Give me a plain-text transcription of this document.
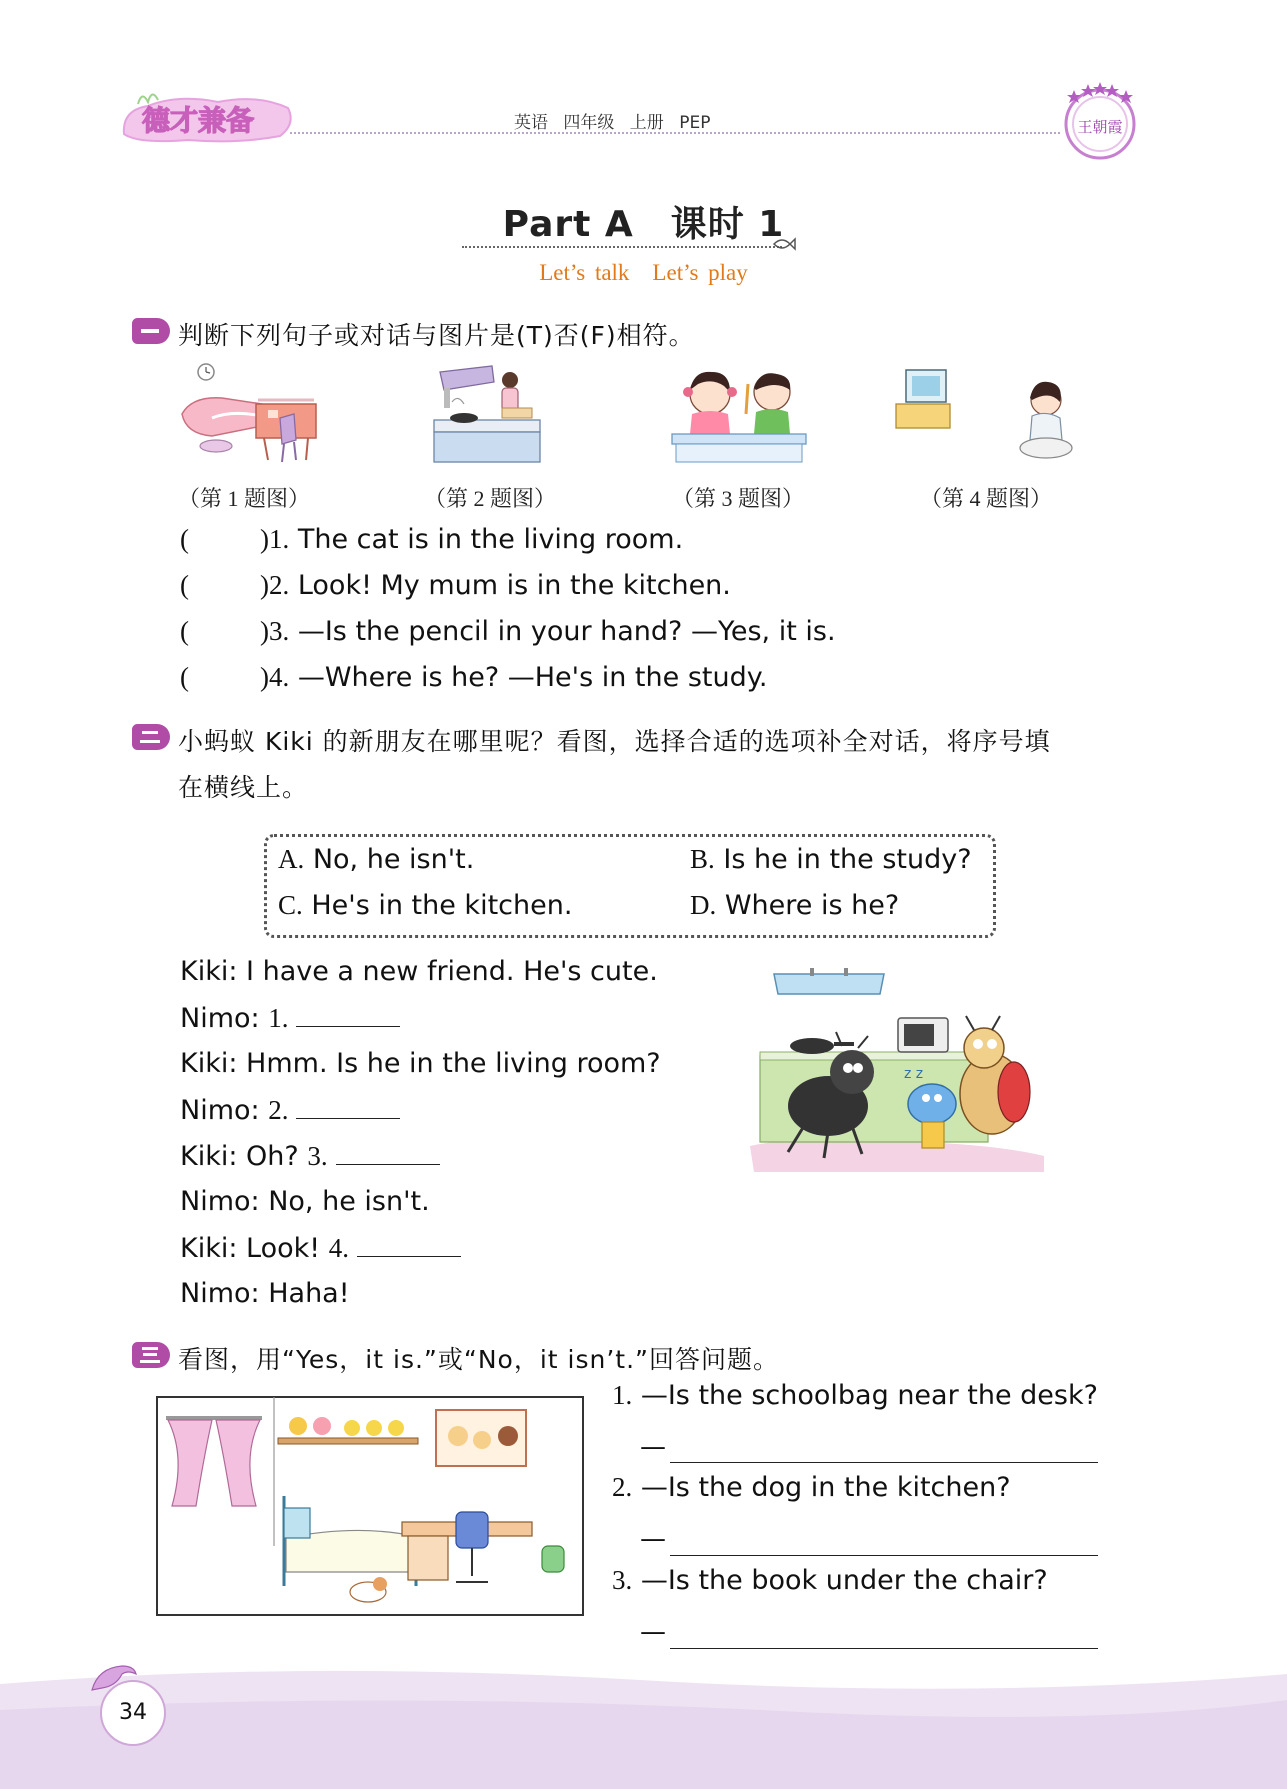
德才兼备	英语 四年级 上册 PEP	王朝霞
Part A　课时 1
Let’s talk　Let’s play
判断下列句子或对话与图片是(T)否(F)相符。
（第 1 题图）	（第 2 题图）	（第 3 题图）	（第 4 题图）
(	)1. The cat is in the living room.
(	)2. Look! My mum is in the kitchen.
(	)3. —Is the pencil in your hand? —Yes, it is.
(	)4. —Where is he? —He's in the study.
小蚂蚁 Kiki 的新朋友在哪里呢？看图，选择合适的选项补全对话，将序号填
在横线上。
A. No, he isn't.	B. Is he in the study?
C. He's in the kitchen.	D. Where is he?
Kiki: I have a new friend. He's cute.
Nimo: 1.
Kiki: Hmm. Is he in the living room?
Nimo: 2.
Kiki: Oh? 3.
Nimo: No, he isn't.
Kiki: Look! 4.
Nimo: Haha!
z z
看图，用“Yes，it is.”或“No，it isn’t.”回答问题。
1. —Is the schoolbag near the desk?
—
2. —Is the dog in the kitchen?
—
3. —Is the book under the chair?
—
34
